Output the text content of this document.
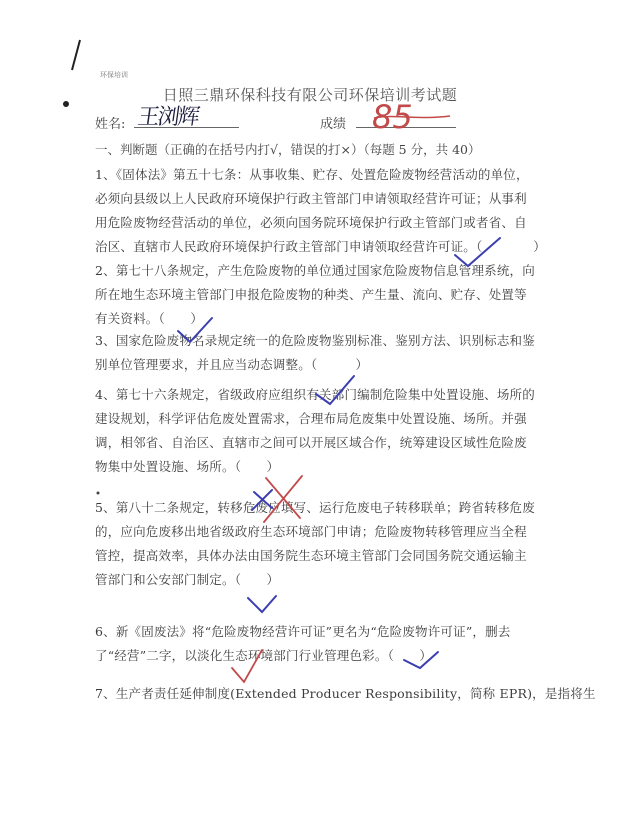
环保培训
日照三鼎环保科技有限公司环保培训考试题
姓名: 王浏辉	成绩 85
一、判断题（正确的在括号内打√，错误的打×）（每题 5 分，共 40）
1、《固体法》第五十七条：从事收集、贮存、处置危险废物经营活动的单位，
必须向县级以上人民政府环境保护行政主管部门申请领取经营许可证；从事利
用危险废物经营活动的单位，必须向国务院环境保护行政主管部门或者省、自
治区、直辖市人民政府环境保护行政主管部门申请领取经营许可证。（　　　　）
2、第七十八条规定，产生危险废物的单位通过国家危险废物信息管理系统，向
所在地生态环境主管部门申报危险废物的种类、产生量、流向、贮存、处置等
有关资料。（　　）
3、国家危险废物名录规定统一的危险废物鉴别标准、鉴别方法、识别标志和鉴
别单位管理要求，并且应当动态调整。（　　　）
4、第七十六条规定，省级政府应组织有关部门编制危险集中处置设施、场所的
建设规划，科学评估危废处置需求，合理布局危废集中处置设施、场所。并强
调，相邻省、自治区、直辖市之间可以开展区域合作，统筹建设区域性危险废
物集中处置设施、场所。（　　）
5、第八十二条规定，转移危废应填写、运行危废电子转移联单；跨省转移危废
的，应向危废移出地省级政府生态环境部门申请；危险废物转移管理应当全程
管控，提高效率，具体办法由国务院生态环境主管部门会同国务院交通运输主
管部门和公安部门制定。（　　）
6、新《固废法》将“危险废物经营许可证”更名为“危险废物许可证”，删去
了“经营”二字，以淡化生态环境部门行业管理色彩。（　　）
7、生产者责任延伸制度(Extended Producer Responsibility，简称 EPR)，是指将生
